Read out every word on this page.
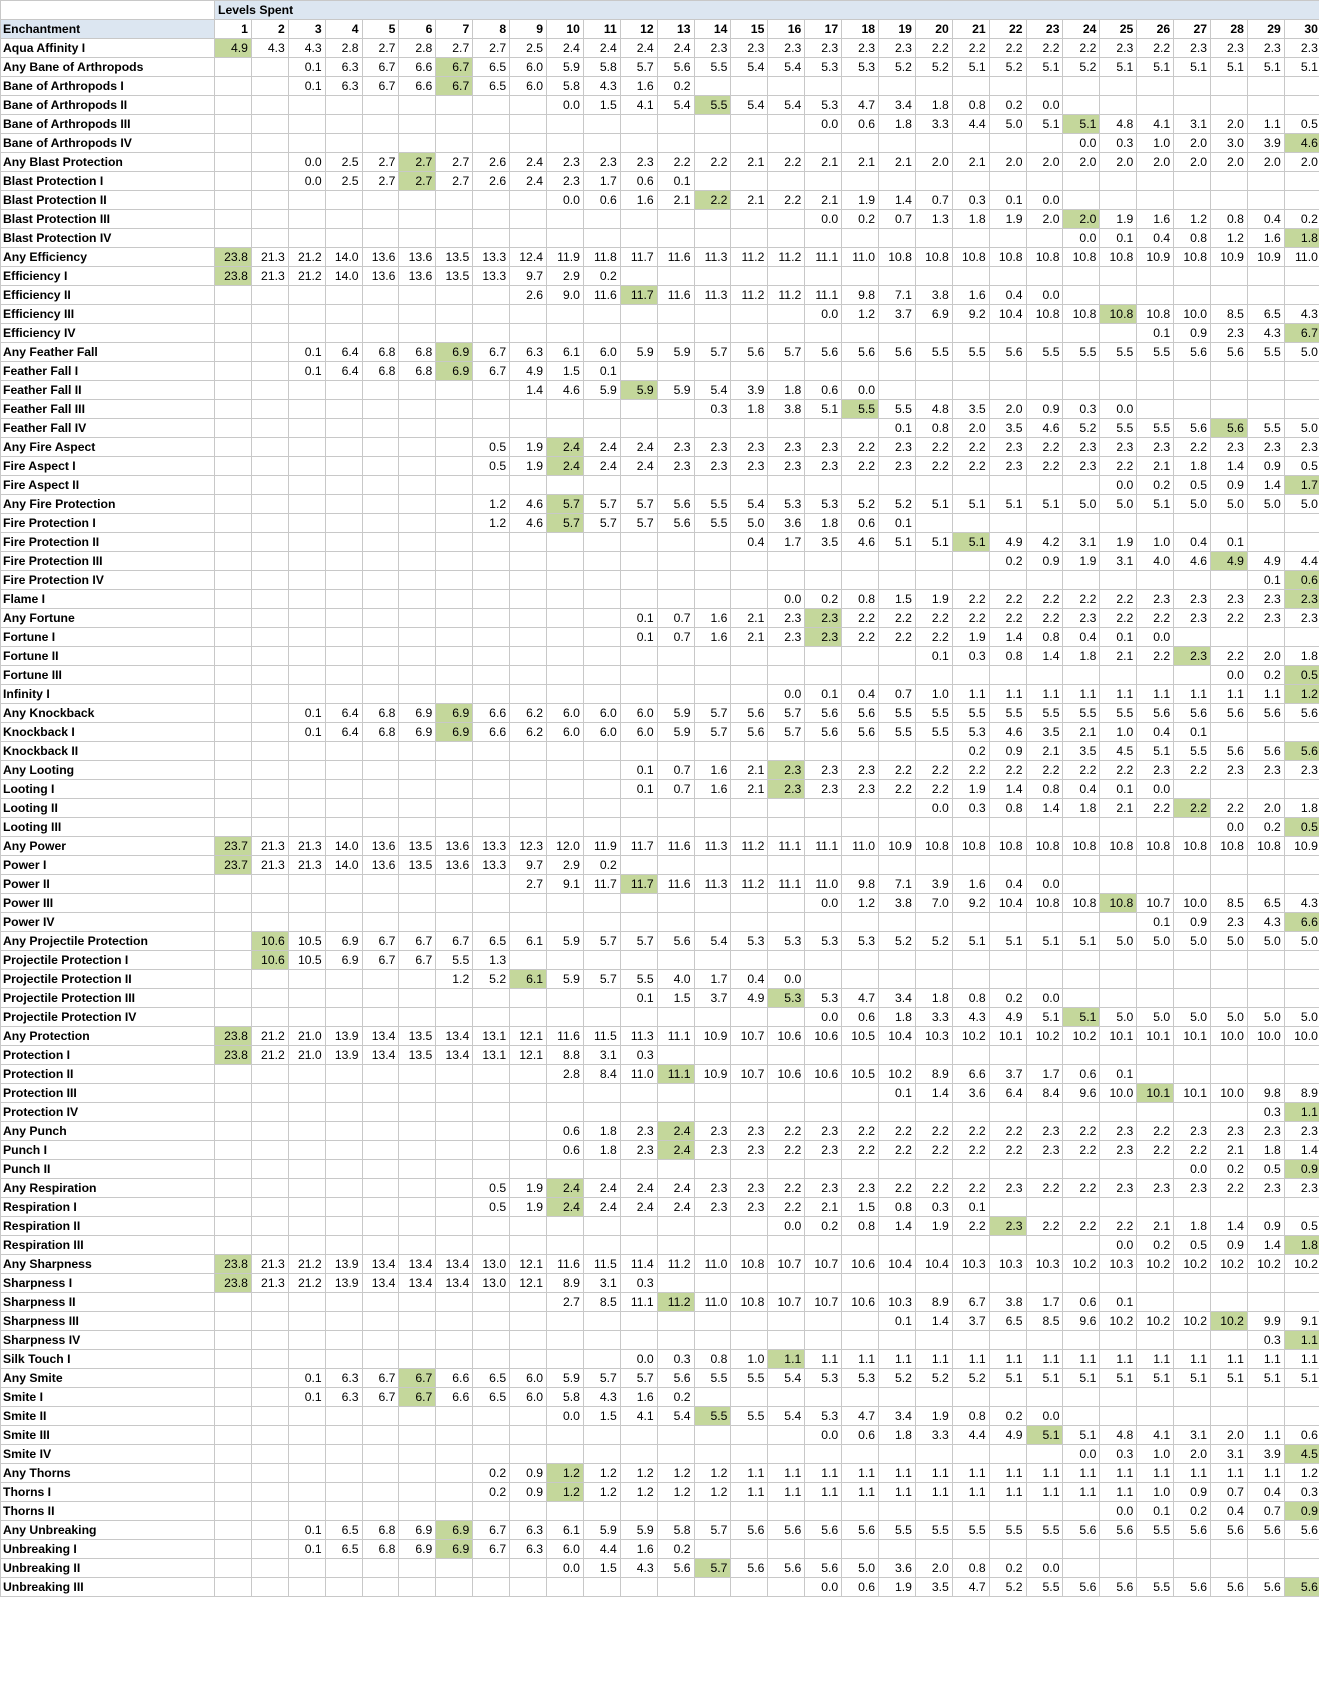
	Levels Spent																													
Enchantment	1	2	3	4	5	6	7	8	9	10	11	12	13	14	15	16	17	18	19	20	21	22	23	24	25	26	27	28	29	30
Aqua Affinity I	4.9	4.3	4.3	2.8	2.7	2.8	2.7	2.7	2.5	2.4	2.4	2.4	2.4	2.3	2.3	2.3	2.3	2.3	2.3	2.2	2.2	2.2	2.2	2.2	2.3	2.2	2.3	2.3	2.3	2.3
Any Bane of Arthropods			0.1	6.3	6.7	6.6	6.7	6.5	6.0	5.9	5.8	5.7	5.6	5.5	5.4	5.4	5.3	5.3	5.2	5.2	5.1	5.2	5.1	5.2	5.1	5.1	5.1	5.1	5.1	5.1
Bane of Arthropods I			0.1	6.3	6.7	6.6	6.7	6.5	6.0	5.8	4.3	1.6	0.2																	
Bane of Arthropods II										0.0	1.5	4.1	5.4	5.5	5.4	5.4	5.3	4.7	3.4	1.8	0.8	0.2	0.0							
Bane of Arthropods III																	0.0	0.6	1.8	3.3	4.4	5.0	5.1	5.1	4.8	4.1	3.1	2.0	1.1	0.5
Bane of Arthropods IV																								0.0	0.3	1.0	2.0	3.0	3.9	4.6
Any Blast Protection			0.0	2.5	2.7	2.7	2.7	2.6	2.4	2.3	2.3	2.3	2.2	2.2	2.1	2.2	2.1	2.1	2.1	2.0	2.1	2.0	2.0	2.0	2.0	2.0	2.0	2.0	2.0	2.0
Blast Protection I			0.0	2.5	2.7	2.7	2.7	2.6	2.4	2.3	1.7	0.6	0.1																	
Blast Protection II										0.0	0.6	1.6	2.1	2.2	2.1	2.2	2.1	1.9	1.4	0.7	0.3	0.1	0.0							
Blast Protection III																	0.0	0.2	0.7	1.3	1.8	1.9	2.0	2.0	1.9	1.6	1.2	0.8	0.4	0.2
Blast Protection IV																								0.0	0.1	0.4	0.8	1.2	1.6	1.8
Any Efficiency	23.8	21.3	21.2	14.0	13.6	13.6	13.5	13.3	12.4	11.9	11.8	11.7	11.6	11.3	11.2	11.2	11.1	11.0	10.8	10.8	10.8	10.8	10.8	10.8	10.8	10.9	10.8	10.9	10.9	11.0
Efficiency I	23.8	21.3	21.2	14.0	13.6	13.6	13.5	13.3	9.7	2.9	0.2																			
Efficiency II									2.6	9.0	11.6	11.7	11.6	11.3	11.2	11.2	11.1	9.8	7.1	3.8	1.6	0.4	0.0							
Efficiency III																	0.0	1.2	3.7	6.9	9.2	10.4	10.8	10.8	10.8	10.8	10.0	8.5	6.5	4.3
Efficiency IV																										0.1	0.9	2.3	4.3	6.7
Any Feather Fall			0.1	6.4	6.8	6.8	6.9	6.7	6.3	6.1	6.0	5.9	5.9	5.7	5.6	5.7	5.6	5.6	5.6	5.5	5.5	5.6	5.5	5.5	5.5	5.5	5.6	5.6	5.5	5.0
Feather Fall I			0.1	6.4	6.8	6.8	6.9	6.7	4.9	1.5	0.1																			
Feather Fall II									1.4	4.6	5.9	5.9	5.9	5.4	3.9	1.8	0.6	0.0												
Feather Fall III														0.3	1.8	3.8	5.1	5.5	5.5	4.8	3.5	2.0	0.9	0.3	0.0					
Feather Fall IV																			0.1	0.8	2.0	3.5	4.6	5.2	5.5	5.5	5.6	5.6	5.5	5.0
Any Fire Aspect								0.5	1.9	2.4	2.4	2.4	2.3	2.3	2.3	2.3	2.3	2.2	2.3	2.2	2.2	2.3	2.2	2.3	2.3	2.3	2.2	2.3	2.3	2.3
Fire Aspect I								0.5	1.9	2.4	2.4	2.4	2.3	2.3	2.3	2.3	2.3	2.2	2.3	2.2	2.2	2.3	2.2	2.3	2.2	2.1	1.8	1.4	0.9	0.5
Fire Aspect II																									0.0	0.2	0.5	0.9	1.4	1.7
Any Fire Protection								1.2	4.6	5.7	5.7	5.7	5.6	5.5	5.4	5.3	5.3	5.2	5.2	5.1	5.1	5.1	5.1	5.0	5.0	5.1	5.0	5.0	5.0	5.0
Fire Protection I								1.2	4.6	5.7	5.7	5.7	5.6	5.5	5.0	3.6	1.8	0.6	0.1											
Fire Protection II															0.4	1.7	3.5	4.6	5.1	5.1	5.1	4.9	4.2	3.1	1.9	1.0	0.4	0.1		
Fire Protection III																						0.2	0.9	1.9	3.1	4.0	4.6	4.9	4.9	4.4
Fire Protection IV																													0.1	0.6
Flame I																0.0	0.2	0.8	1.5	1.9	2.2	2.2	2.2	2.2	2.2	2.3	2.3	2.3	2.3	2.3
Any Fortune												0.1	0.7	1.6	2.1	2.3	2.3	2.2	2.2	2.2	2.2	2.2	2.2	2.3	2.2	2.2	2.3	2.2	2.3	2.3
Fortune I												0.1	0.7	1.6	2.1	2.3	2.3	2.2	2.2	2.2	1.9	1.4	0.8	0.4	0.1	0.0				
Fortune II																				0.1	0.3	0.8	1.4	1.8	2.1	2.2	2.3	2.2	2.0	1.8
Fortune III																												0.0	0.2	0.5
Infinity I																0.0	0.1	0.4	0.7	1.0	1.1	1.1	1.1	1.1	1.1	1.1	1.1	1.1	1.1	1.2
Any Knockback			0.1	6.4	6.8	6.9	6.9	6.6	6.2	6.0	6.0	6.0	5.9	5.7	5.6	5.7	5.6	5.6	5.5	5.5	5.5	5.5	5.5	5.5	5.5	5.6	5.6	5.6	5.6	5.6
Knockback I			0.1	6.4	6.8	6.9	6.9	6.6	6.2	6.0	6.0	6.0	5.9	5.7	5.6	5.7	5.6	5.6	5.5	5.5	5.3	4.6	3.5	2.1	1.0	0.4	0.1			
Knockback II																					0.2	0.9	2.1	3.5	4.5	5.1	5.5	5.6	5.6	5.6
Any Looting												0.1	0.7	1.6	2.1	2.3	2.3	2.3	2.2	2.2	2.2	2.2	2.2	2.2	2.2	2.3	2.2	2.3	2.3	2.3
Looting I												0.1	0.7	1.6	2.1	2.3	2.3	2.3	2.2	2.2	1.9	1.4	0.8	0.4	0.1	0.0				
Looting II																				0.0	0.3	0.8	1.4	1.8	2.1	2.2	2.2	2.2	2.0	1.8
Looting III																												0.0	0.2	0.5
Any Power	23.7	21.3	21.3	14.0	13.6	13.5	13.6	13.3	12.3	12.0	11.9	11.7	11.6	11.3	11.2	11.1	11.1	11.0	10.9	10.8	10.8	10.8	10.8	10.8	10.8	10.8	10.8	10.8	10.8	10.9
Power I	23.7	21.3	21.3	14.0	13.6	13.5	13.6	13.3	9.7	2.9	0.2																			
Power II									2.7	9.1	11.7	11.7	11.6	11.3	11.2	11.1	11.0	9.8	7.1	3.9	1.6	0.4	0.0							
Power III																	0.0	1.2	3.8	7.0	9.2	10.4	10.8	10.8	10.8	10.7	10.0	8.5	6.5	4.3
Power IV																										0.1	0.9	2.3	4.3	6.6
Any Projectile Protection		10.6	10.5	6.9	6.7	6.7	6.7	6.5	6.1	5.9	5.7	5.7	5.6	5.4	5.3	5.3	5.3	5.3	5.2	5.2	5.1	5.1	5.1	5.1	5.0	5.0	5.0	5.0	5.0	5.0
Projectile Protection I		10.6	10.5	6.9	6.7	6.7	5.5	1.3																						
Projectile Protection II							1.2	5.2	6.1	5.9	5.7	5.5	4.0	1.7	0.4	0.0														
Projectile Protection III												0.1	1.5	3.7	4.9	5.3	5.3	4.7	3.4	1.8	0.8	0.2	0.0							
Projectile Protection IV																	0.0	0.6	1.8	3.3	4.3	4.9	5.1	5.1	5.0	5.0	5.0	5.0	5.0	5.0
Any Protection	23.8	21.2	21.0	13.9	13.4	13.5	13.4	13.1	12.1	11.6	11.5	11.3	11.1	10.9	10.7	10.6	10.6	10.5	10.4	10.3	10.2	10.1	10.2	10.2	10.1	10.1	10.1	10.0	10.0	10.0
Protection I	23.8	21.2	21.0	13.9	13.4	13.5	13.4	13.1	12.1	8.8	3.1	0.3																		
Protection II										2.8	8.4	11.0	11.1	10.9	10.7	10.6	10.6	10.5	10.2	8.9	6.6	3.7	1.7	0.6	0.1					
Protection III																			0.1	1.4	3.6	6.4	8.4	9.6	10.0	10.1	10.1	10.0	9.8	8.9
Protection IV																													0.3	1.1
Any Punch										0.6	1.8	2.3	2.4	2.3	2.3	2.2	2.3	2.2	2.2	2.2	2.2	2.2	2.3	2.2	2.3	2.2	2.3	2.3	2.3	2.3
Punch I										0.6	1.8	2.3	2.4	2.3	2.3	2.2	2.3	2.2	2.2	2.2	2.2	2.2	2.3	2.2	2.3	2.2	2.2	2.1	1.8	1.4
Punch II																											0.0	0.2	0.5	0.9
Any Respiration								0.5	1.9	2.4	2.4	2.4	2.4	2.3	2.3	2.2	2.3	2.3	2.2	2.2	2.2	2.3	2.2	2.2	2.3	2.3	2.3	2.2	2.3	2.3
Respiration I								0.5	1.9	2.4	2.4	2.4	2.4	2.3	2.3	2.2	2.1	1.5	0.8	0.3	0.1									
Respiration II																0.0	0.2	0.8	1.4	1.9	2.2	2.3	2.2	2.2	2.2	2.1	1.8	1.4	0.9	0.5
Respiration III																									0.0	0.2	0.5	0.9	1.4	1.8
Any Sharpness	23.8	21.3	21.2	13.9	13.4	13.4	13.4	13.0	12.1	11.6	11.5	11.4	11.2	11.0	10.8	10.7	10.7	10.6	10.4	10.4	10.3	10.3	10.3	10.2	10.3	10.2	10.2	10.2	10.2	10.2
Sharpness I	23.8	21.3	21.2	13.9	13.4	13.4	13.4	13.0	12.1	8.9	3.1	0.3																		
Sharpness II										2.7	8.5	11.1	11.2	11.0	10.8	10.7	10.7	10.6	10.3	8.9	6.7	3.8	1.7	0.6	0.1					
Sharpness III																			0.1	1.4	3.7	6.5	8.5	9.6	10.2	10.2	10.2	10.2	9.9	9.1
Sharpness IV																													0.3	1.1
Silk Touch I												0.0	0.3	0.8	1.0	1.1	1.1	1.1	1.1	1.1	1.1	1.1	1.1	1.1	1.1	1.1	1.1	1.1	1.1	1.1
Any Smite			0.1	6.3	6.7	6.7	6.6	6.5	6.0	5.9	5.7	5.7	5.6	5.5	5.5	5.4	5.3	5.3	5.2	5.2	5.2	5.1	5.1	5.1	5.1	5.1	5.1	5.1	5.1	5.1
Smite I			0.1	6.3	6.7	6.7	6.6	6.5	6.0	5.8	4.3	1.6	0.2																	
Smite II										0.0	1.5	4.1	5.4	5.5	5.5	5.4	5.3	4.7	3.4	1.9	0.8	0.2	0.0							
Smite III																	0.0	0.6	1.8	3.3	4.4	4.9	5.1	5.1	4.8	4.1	3.1	2.0	1.1	0.6
Smite IV																								0.0	0.3	1.0	2.0	3.1	3.9	4.5
Any Thorns								0.2	0.9	1.2	1.2	1.2	1.2	1.2	1.1	1.1	1.1	1.1	1.1	1.1	1.1	1.1	1.1	1.1	1.1	1.1	1.1	1.1	1.1	1.2
Thorns I								0.2	0.9	1.2	1.2	1.2	1.2	1.2	1.1	1.1	1.1	1.1	1.1	1.1	1.1	1.1	1.1	1.1	1.1	1.0	0.9	0.7	0.4	0.3
Thorns II																									0.0	0.1	0.2	0.4	0.7	0.9
Any Unbreaking			0.1	6.5	6.8	6.9	6.9	6.7	6.3	6.1	5.9	5.9	5.8	5.7	5.6	5.6	5.6	5.6	5.5	5.5	5.5	5.5	5.5	5.6	5.6	5.5	5.6	5.6	5.6	5.6
Unbreaking I			0.1	6.5	6.8	6.9	6.9	6.7	6.3	6.0	4.4	1.6	0.2																	
Unbreaking II										0.0	1.5	4.3	5.6	5.7	5.6	5.6	5.6	5.0	3.6	2.0	0.8	0.2	0.0							
Unbreaking III																	0.0	0.6	1.9	3.5	4.7	5.2	5.5	5.6	5.6	5.5	5.6	5.6	5.6	5.6
